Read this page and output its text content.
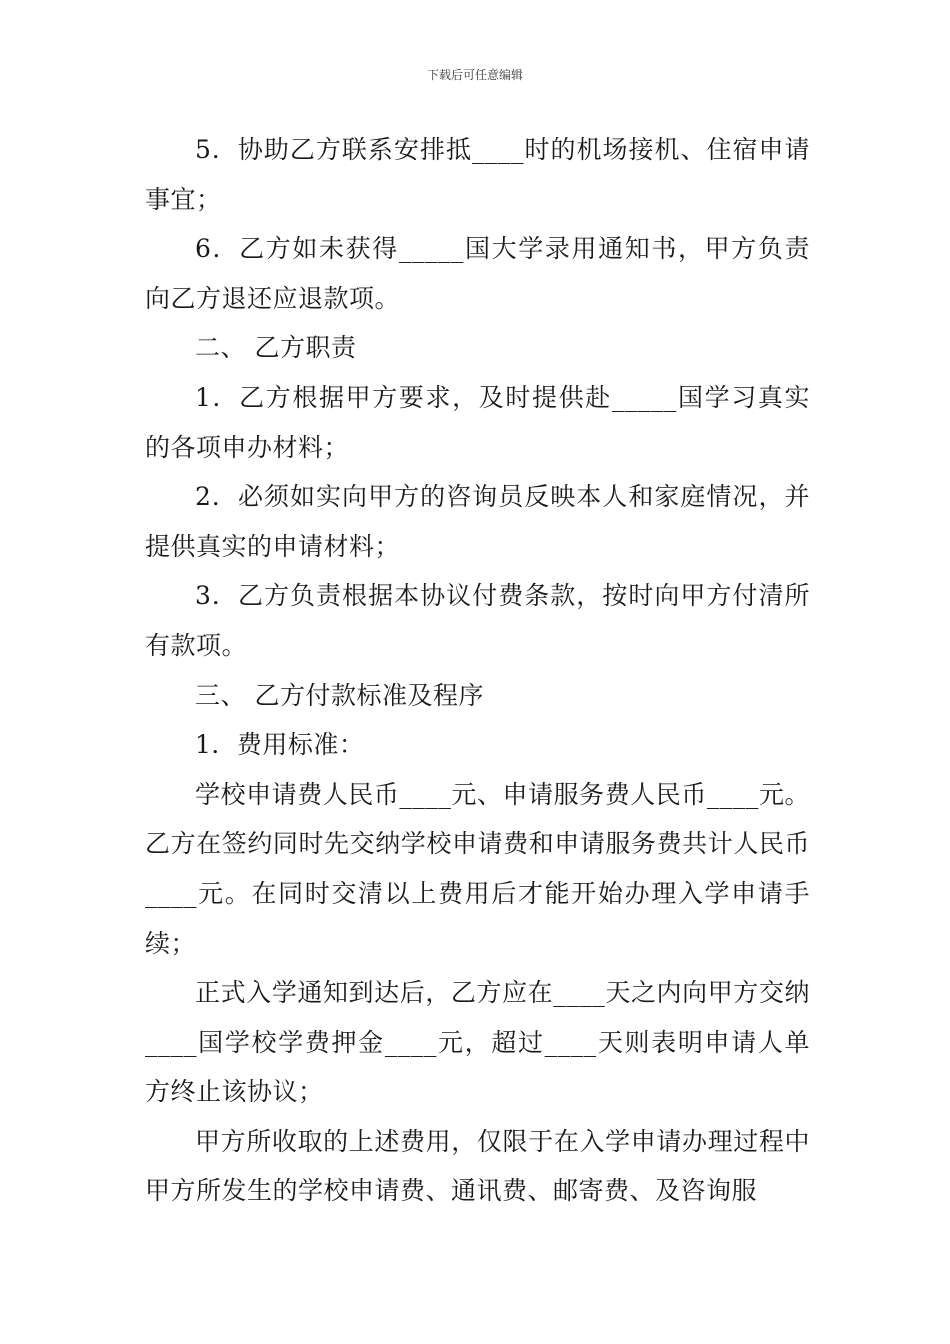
下载后可任意编辑

5．协助乙方联系安排抵____时的机场接机、住宿申请事宜；

6．乙方如未获得_____国大学录用通知书，甲方负责向乙方退还应退款项。

二、 乙方职责

1．乙方根据甲方要求，及时提供赴_____国学习真实的各项申办材料；

2．必须如实向甲方的咨询员反映本人和家庭情况，并提供真实的申请材料；

3．乙方负责根据本协议付费条款，按时向甲方付清所有款项。

三、 乙方付款标准及程序

1．费用标准：

学校申请费人民币____元、申请服务费人民币____元。乙方在签约同时先交纳学校申请费和申请服务费共计人民币____元。在同时交清以上费用后才能开始办理入学申请手续；

正式入学通知到达后，乙方应在____天之内向甲方交纳____国学校学费押金____元，超过____天则表明申请人单方终止该协议；

甲方所收取的上述费用，仅限于在入学申请办理过程中甲方所发生的学校申请费、通讯费、邮寄费、及咨询服
